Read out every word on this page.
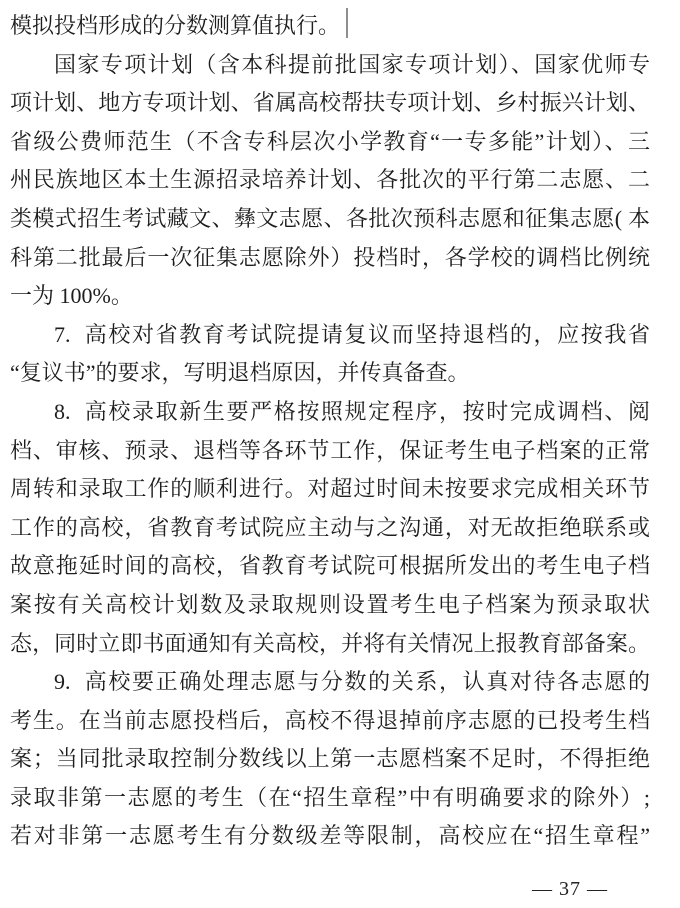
模拟投档形成的分数测算值执行。
国家专项计划（含本科提前批国家专项计划）、国家优师专
项计划、地方专项计划、省属高校帮扶专项计划、乡村振兴计划、
省级公费师范生（不含专科层次小学教育“一专多能”计划）、三
州民族地区本土生源招录培养计划、各批次的平行第二志愿、二
类模式招生考试藏文、彝文志愿、各批次预科志愿和征集志愿( 本
科第二批最后一次征集志愿除外）投档时，各学校的调档比例统
一为 100%。
7.  高校对省教育考试院提请复议而坚持退档的，应按我省
“复议书”的要求，写明退档原因，并传真备查。
8.  高校录取新生要严格按照规定程序，按时完成调档、阅
档、审核、预录、退档等各环节工作，保证考生电子档案的正常
周转和录取工作的顺利进行。对超过时间未按要求完成相关环节
工作的高校，省教育考试院应主动与之沟通，对无故拒绝联系或
故意拖延时间的高校，省教育考试院可根据所发出的考生电子档
案按有关高校计划数及录取规则设置考生电子档案为预录取状
态，同时立即书面通知有关高校，并将有关情况上报教育部备案。
9.  高校要正确处理志愿与分数的关系，认真对待各志愿的
考生。在当前志愿投档后，高校不得退掉前序志愿的已投考生档
案；当同批录取控制分数线以上第一志愿档案不足时，不得拒绝
录取非第一志愿的考生（在“招生章程”中有明确要求的除外）;
若对非第一志愿考生有分数级差等限制，高校应在“招生章程”
— 37 —
